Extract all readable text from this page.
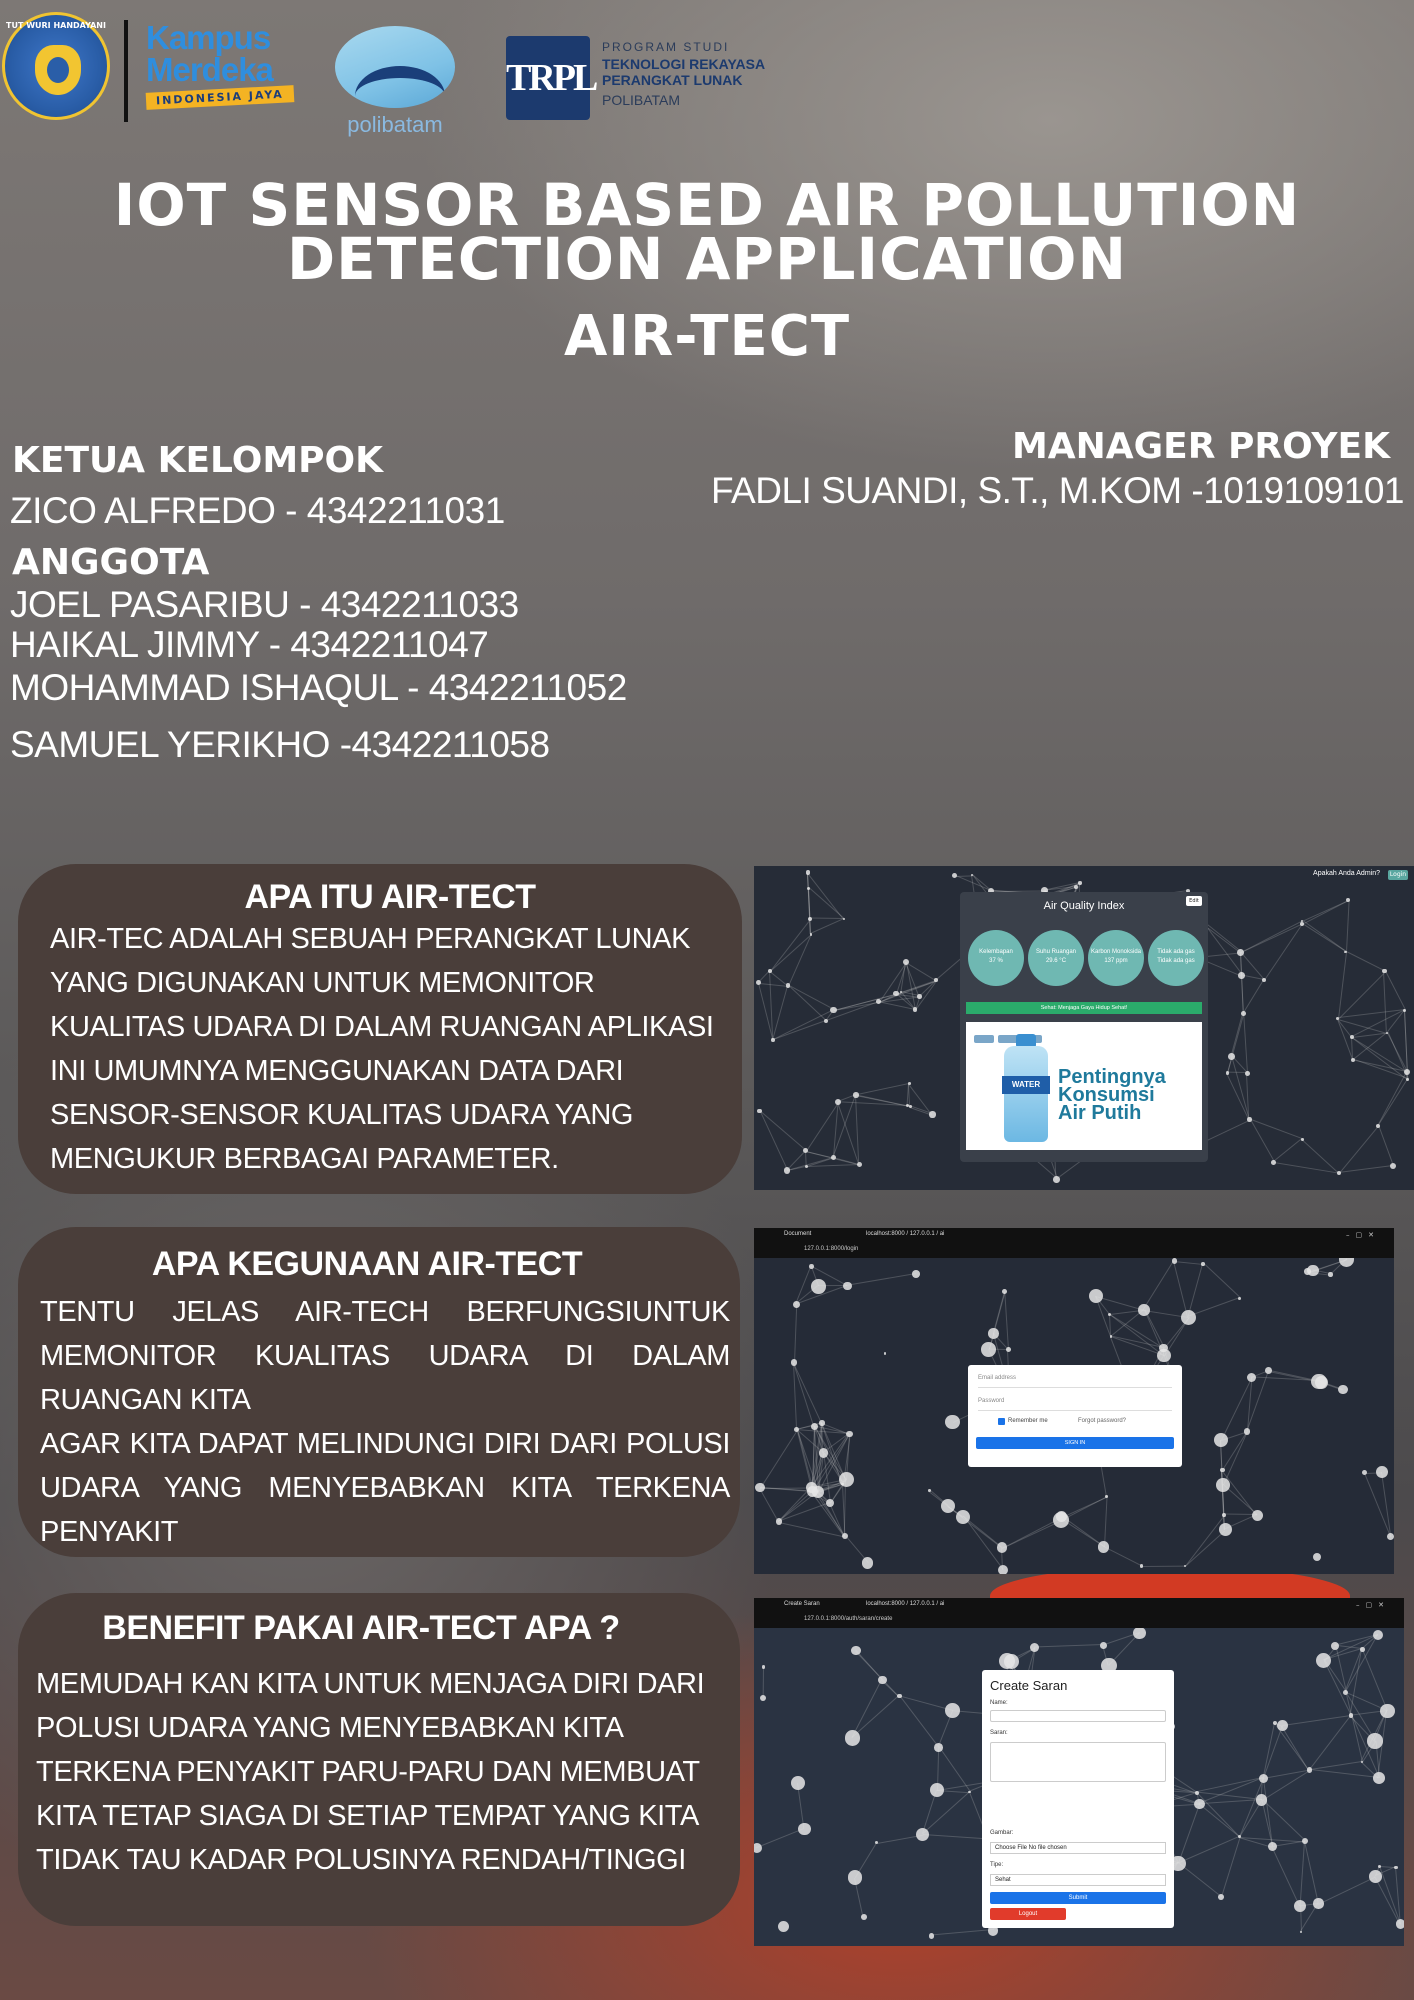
TUT WURI HANDAYANI Kampus
Merdeka
INDONESIA JAYA
polibatam
TRPL
PROGRAM STUDI
TEKNOLOGI REKAYASA
PERANGKAT LUNAK
POLIBATAM
IOT SENSOR BASED AIR POLLUTION
DETECTION APPLICATION
AIR-TECT
KETUA KELOMPOK
ZICO ALFREDO - 4342211031
ANGGOTA
JOEL PASARIBU - 4342211033
HAIKAL JIMMY - 4342211047
MOHAMMAD ISHAQUL - 4342211052
SAMUEL YERIKHO -4342211058
MANAGER PROYEK
FADLI SUANDI, S.T., M.KOM -1019109101
APA ITU AIR-TECT

AIR-TEC ADALAH SEBUAH PERANGKAT LUNAK YANG DIGUNAKAN UNTUK MEMONITOR KUALITAS UDARA DI DALAM RUANGAN APLIKASI INI UMUMNYA MENGGUNAKAN DATA DARI SENSOR-SENSOR KUALITAS UDARA YANG MENGUKUR BERBAGAI PARAMETER.

APA KEGUNAAN AIR-TECT

TENTU JELAS AIR-TECH BERFUNGSIUNTUK MEMONITOR KUALITAS UDARA DI DALAM RUANGAN KITA

AGAR KITA DAPAT MELINDUNGI DIRI DARI POLUSI UDARA YANG MENYEBABKAN KITA TERKENA PENYAKIT

BENEFIT PAKAI AIR-TECT APA ?

MEMUDAH KAN KITA UNTUK MENJAGA DIRI DARI POLUSI UDARA YANG MENYEBABKAN KITA TERKENA PENYAKIT PARU-PARU DAN MEMBUAT KITA TETAP SIAGA DI SETIAP TEMPAT YANG KITA TIDAK TAU KADAR POLUSINYA RENDAH/TINGGI

Apakah Anda Admin?	Login
Air Quality Index	Edit
Kelembapan
37 %
Suhu Ruangan
29.6 °C
Karbon Monoksida
137 ppm
Tidak ada gas
Tidak ada gas
Sehat: Menjaga Gaya Hidup Sehat!
WATER Pentingnya
Konsumsi
Air Putih
Document	localhost:8000 / 127.0.0.1 / ai
127.0.0.1:8000/login
–▢✕
Email address
Password
Remember me	Forgot password?
SIGN IN
Create Saran	localhost:8000 / 127.0.0.1 / ai
127.0.0.1:8000/auth/saran/create
–▢✕
Create Saran
Name:
Saran:
Gambar:
Choose File No file chosen
Tipe:
Sehat
Submit
Logout
